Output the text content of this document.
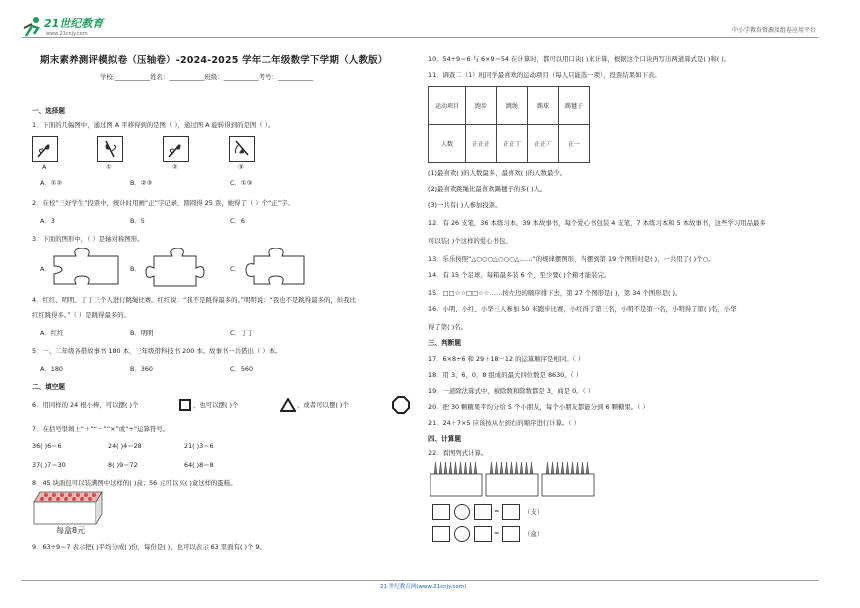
21世纪教育
www.21cnjy.com	中小学教育资源及组卷应用平台
期末素养测评模拟卷（压轴卷）-2024-2025 学年二年级数学下学期（人教版）
学校:___________姓名：___________班级：___________考号：___________
一、选择题
1．下面的几幅图中，通过图 A 平移得到的是图（ ），通过图 A 旋转得到的是图（ ）。
A	①	②	③
A．①②	B．②③	C．①③
2．在校“三好学生”投票中，统计时用画“正”字记录，圆圆得 25 票，她得了（ ）个“正”字。
A．3	B．5	C．6
3．下面的图形中，（ ）是轴对称图形。
A．	B．	C．
4．红红、明明、丁丁三个人进行跳绳比赛。红红说：“我不是跳得最多的。”明明说：“我也不是跳得最多的，但我比
红红跳得多。”（ ）是跳得最多的。
A．红红	B．明明	C．丁丁
5．一、二年级各借故事书 180 本，三年级借科技书 200 本。故事书一共借出（ ）本。
A．180	B．360	C．560
二、填空题
6．用同样的 24 根小棒，可以摆( )个	，也可以摆( )个	，或者可以摆( )个
7．在括号里填上“＋”“－”“×”或“÷”运算符号。
36( )6＝6	24( )4＝28	21( )3＝6
37( )7＝30	8( )9＝72	64( )8＝8
8．45 块面包可以装满图中这样的( )盒；56 元可以买( )盒这样的蛋糕。
每盒8元
9．63÷9＝7 表示把( )平均分成( )份，每份是( )，也可以表示 63 里面有( )个 9。
10．54÷9＝6 与 6×9＝54 在计算时，都可以用口诀( )来计算，根据这个口诀再写出两道算式是( )和( )。
11．调查二（1）班同学最喜欢的运动项目（每人只能选一项），投票结果如下表。
运动项目	跑步	跳绳	踢球	踢毽子
人数	正正正	正正丅	正正丆	正一
(1)最喜欢( )的人数最多，最喜欢( )的人数最少。
(2)最喜欢跳绳比最喜欢踢毽子的多( )人。
(3)一共有( )人参加投票。
12．有 26 支笔，36 本练习本，39 本故事书，每个爱心书包装 4 支笔，7 本练习本和 5 本故事书，这些学习用品最多
可以装( )个这样的爱心书包。
13．乐乐按照“△○○○△○○○△……”的规律摆图形，当摆到第 19 个图形时是( )，一共用了( )个○。
14．有 15 个足球，每箱最多装 6 个，至少要( )个箱才能装完。
15．□□☆☆□□☆☆……按左边的顺序排下去，第 27 个图形是( )，第 34 个图形是( )。
16．小明、小红、小华三人参加 50 米跑步比赛，小红得了第三名，小明不是第一名，小明得了第( )名，小华
得了第( )名。
三、判断题
17．6×8÷6 和 29＋18－12 的运算顺序是相同。（ ）
18．用 3、6、0、8 组成的最大四位数是 8630。（ ）
19．一道除法算式中，被除数和除数都是 3，商是 0。（ ）
20．把 30 颗糖果平均分给 5 个小朋友，每个小朋友都能分到 6 颗糖果。（ ）
21．24＋7×5 应该按从左到右的顺序进行计算。（ ）
四、计算题
22．看图列式计算。
=	（支）
=	（盒）
21 世纪教育网(www.21cnjy.com)
